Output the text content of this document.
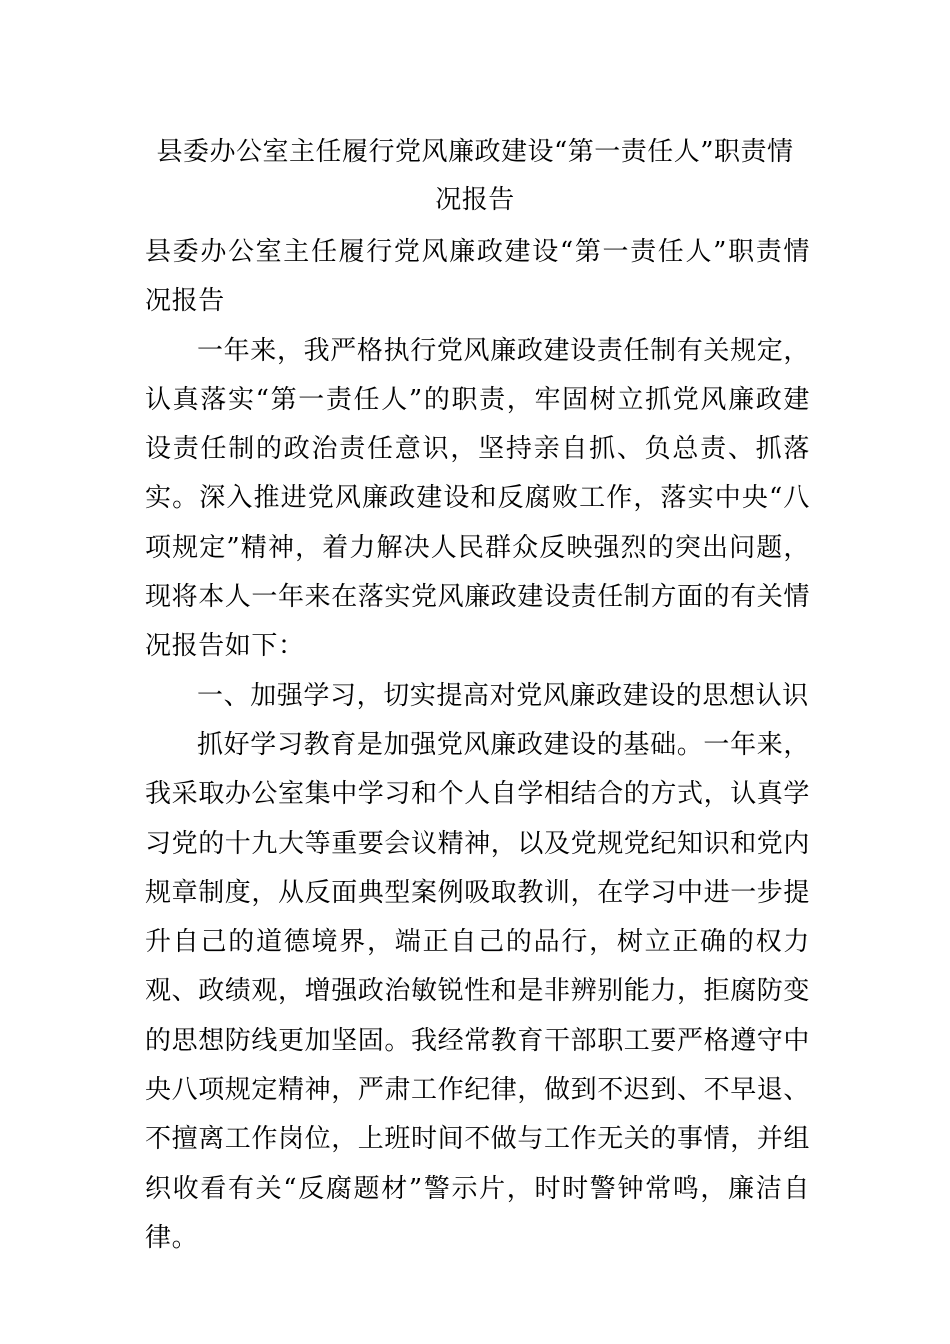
县委办公室主任履行党风廉政建设“第一责任人”职责情况报告

县委办公室主任履行党风廉政建设“第一责任人”职责情况报告

一年来，我严格执行党风廉政建设责任制有关规定，认真落实“第一责任人”的职责，牢固树立抓党风廉政建设责任制的政治责任意识，坚持亲自抓、负总责、抓落实。深入推进党风廉政建设和反腐败工作，落实中央“八项规定”精神，着力解决人民群众反映强烈的突出问题，现将本人一年来在落实党风廉政建设责任制方面的有关情况报告如下：

一、加强学习，切实提高对党风廉政建设的思想认识

抓好学习教育是加强党风廉政建设的基础。一年来，我采取办公室集中学习和个人自学相结合的方式，认真学习党的十九大等重要会议精神，以及党规党纪知识和党内规章制度，从反面典型案例吸取教训，在学习中进一步提升自己的道德境界，端正自己的品行，树立正确的权力观、政绩观，增强政治敏锐性和是非辨别能力，拒腐防变的思想防线更加坚固。我经常教育干部职工要严格遵守中央八项规定精神，严肃工作纪律，做到不迟到、不早退、不擅离工作岗位，上班时间不做与工作无关的事情，并组织收看有关“反腐题材”警示片，时时警钟常鸣，廉洁自律。
